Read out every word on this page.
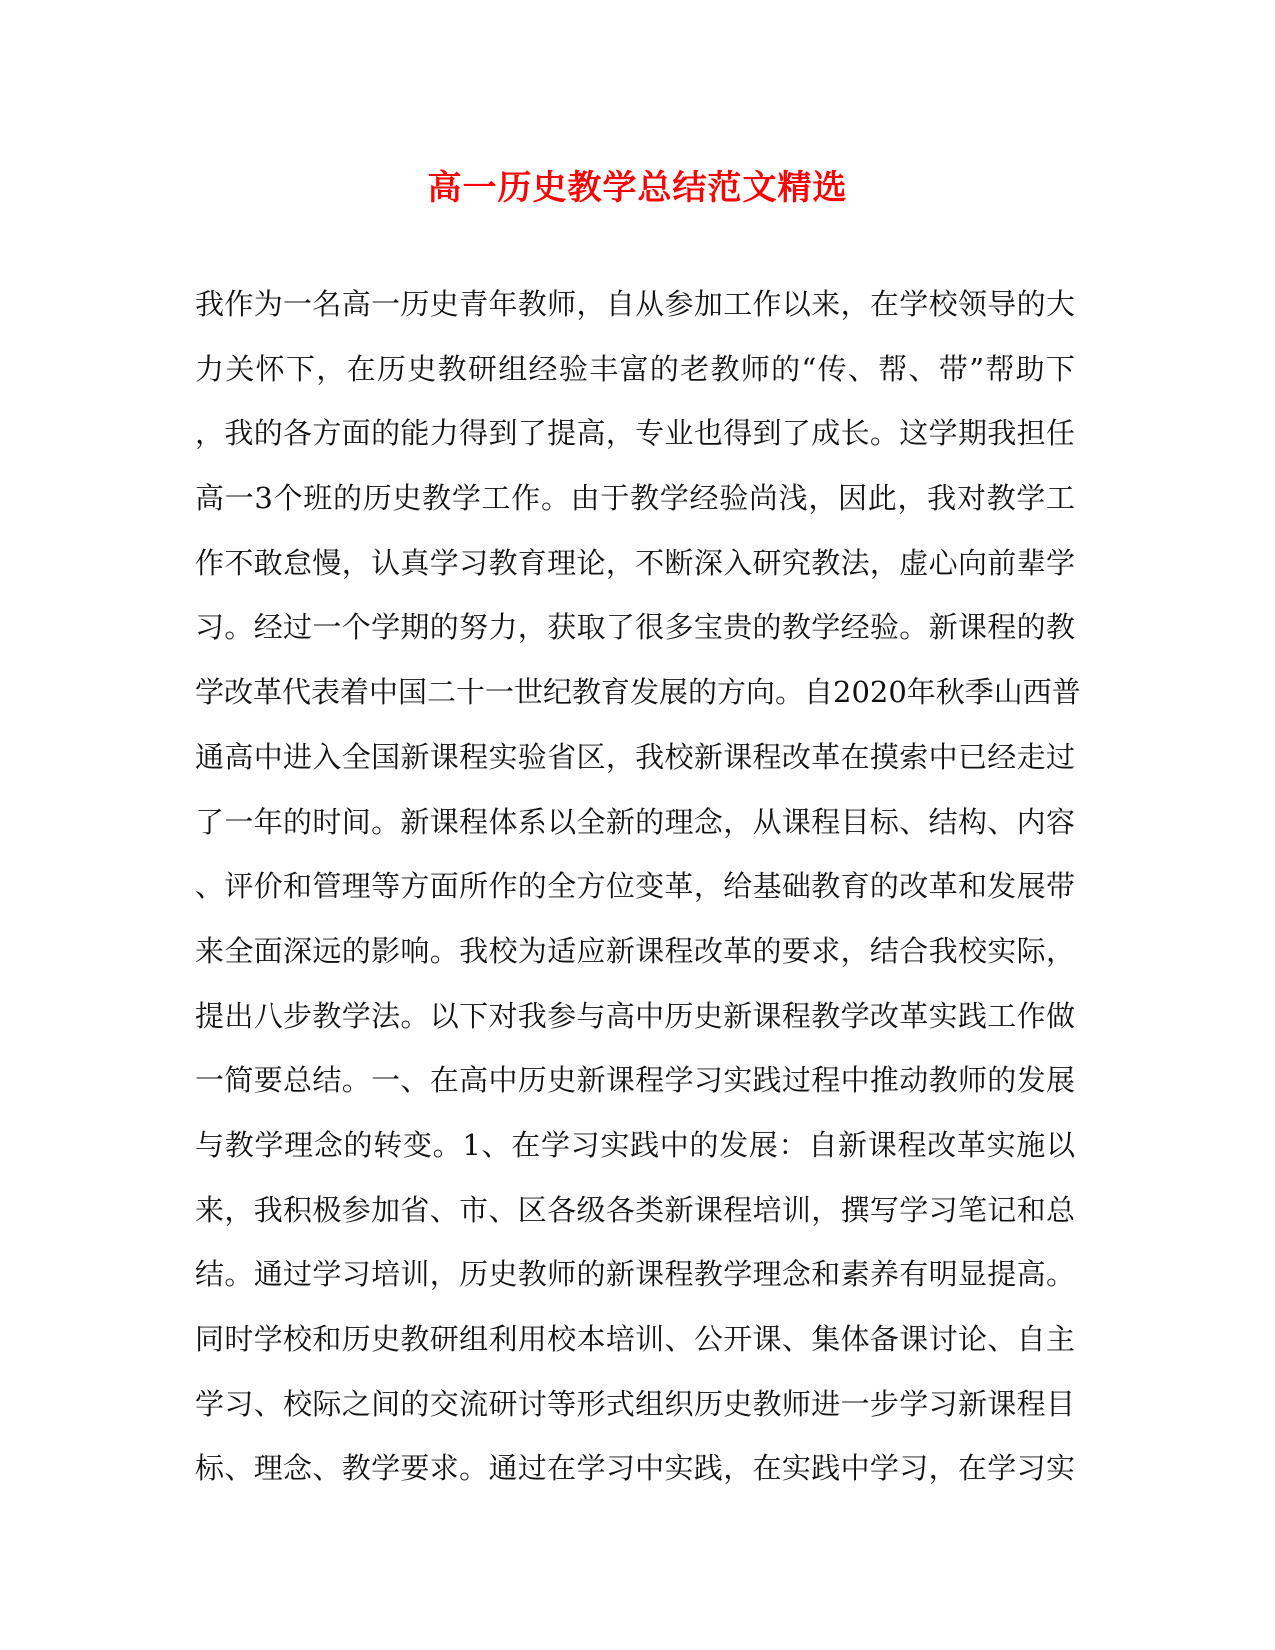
高一历史教学总结范文精选
我作为一名高一历史青年教师，自从参加工作以来，在学校领导的大
力关怀下，在历史教研组经验丰富的老教师的“传、帮、带”帮助下
，我的各方面的能力得到了提高，专业也得到了成长。这学期我担任
高一3个班的历史教学工作。由于教学经验尚浅，因此，我对教学工
作不敢怠慢，认真学习教育理论，不断深入研究教法，虚心向前辈学
习。经过一个学期的努力，获取了很多宝贵的教学经验。新课程的教
学改革代表着中国二十一世纪教育发展的方向。自2020年秋季山西普
通高中进入全国新课程实验省区，我校新课程改革在摸索中已经走过
了一年的时间。新课程体系以全新的理念，从课程目标、结构、内容
、评价和管理等方面所作的全方位变革，给基础教育的改革和发展带
来全面深远的影响。我校为适应新课程改革的要求，结合我校实际，
提出八步教学法。以下对我参与高中历史新课程教学改革实践工作做
一简要总结。一、在高中历史新课程学习实践过程中推动教师的发展
与教学理念的转变。1、在学习实践中的发展：自新课程改革实施以
来，我积极参加省、市、区各级各类新课程培训，撰写学习笔记和总
结。通过学习培训，历史教师的新课程教学理念和素养有明显提高。
同时学校和历史教研组利用校本培训、公开课、集体备课讨论、自主
学习、校际之间的交流研讨等形式组织历史教师进一步学习新课程目
标、理念、教学要求。通过在学习中实践，在实践中学习，在学习实
